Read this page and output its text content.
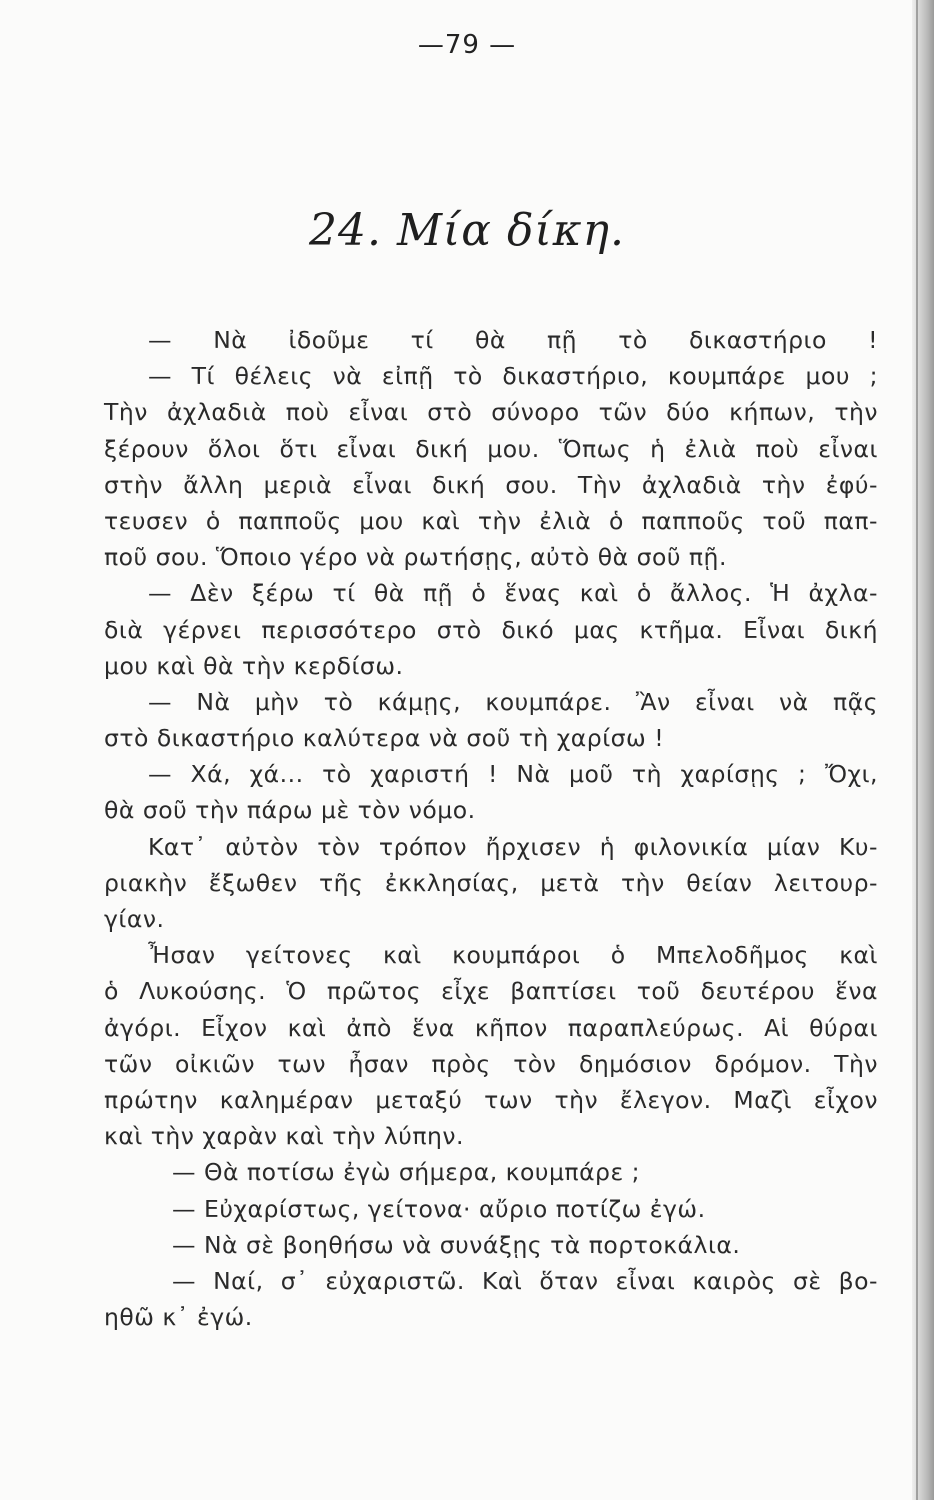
—79 —
24. Μία δίκη.
— Νὰ ἰδοῦμε τί θὰ πῇ τὸ δικαστήριο !
— Τί θέλεις νὰ εἰπῇ τὸ δικαστήριο, κουμπάρε μου ;
Τὴν ἀχλαδιὰ ποὺ εἶναι στὸ σύνορο τῶν δύο κήπων, τὴν
ξέρουν ὅλοι ὅτι εἶναι δική μου. Ὅπως ἡ ἐλιὰ ποὺ εἶναι
στὴν ἄλλη μεριὰ εἶναι δική σου. Τὴν ἀχλαδιὰ τὴν ἐφύ-
τευσεν ὁ παπποῦς μου καὶ τὴν ἐλιὰ ὁ παπποῦς τοῦ παπ-
ποῦ σου. Ὅποιο γέρο νὰ ρωτήσῃς, αὐτὸ θὰ σοῦ πῇ.
— Δὲν ξέρω τί θὰ πῇ ὁ ἕνας καὶ ὁ ἄλλος. Ἡ ἀχλα-
διὰ γέρνει περισσότερο στὸ δικό μας κτῆμα. Εἶναι δική
μου καὶ θὰ τὴν κερδίσω.
— Νὰ μὴν τὸ κάμῃς, κουμπάρε. Ἂν εἶναι νὰ πᾷς
στὸ δικαστήριο καλύτερα νὰ σοῦ τὴ χαρίσω !
— Χά, χά... τὸ χαριστή ! Νὰ μοῦ τὴ χαρίσῃς ; Ὄχι,
θὰ σοῦ τὴν πάρω μὲ τὸν νόμο.
Κατ᾽ αὐτὸν τὸν τρόπον ἤρχισεν ἡ φιλονικία μίαν Κυ-
ριακὴν ἔξωθεν τῆς ἐκκλησίας, μετὰ τὴν θείαν λειτουρ-
γίαν.
Ἦσαν γείτονες καὶ κουμπάροι ὁ Μπελοδῆμος καὶ
ὁ Λυκούσης. Ὁ πρῶτος εἶχε βαπτίσει τοῦ δευτέρου ἕνα
ἀγόρι. Εἶχον καὶ ἀπὸ ἕνα κῆπον παραπλεύρως. Αἱ θύραι
τῶν οἰκιῶν των ἦσαν πρὸς τὸν δημόσιον δρόμον. Τὴν
πρώτην καλημέραν μεταξύ των τὴν ἔλεγον. Μαζὶ εἶχον
καὶ τὴν χαρὰν καὶ τὴν λύπην.
— Θὰ ποτίσω ἐγὼ σήμερα, κουμπάρε ;
— Εὐχαρίστως, γείτονα· αὔριο ποτίζω ἐγώ.
— Νὰ σὲ βοηθήσω νὰ συνάξῃς τὰ πορτοκάλια.
— Ναί, σ᾽ εὐχαριστῶ. Καὶ ὅταν εἶναι καιρὸς σὲ βο-
ηθῶ κ᾽ ἐγώ.
